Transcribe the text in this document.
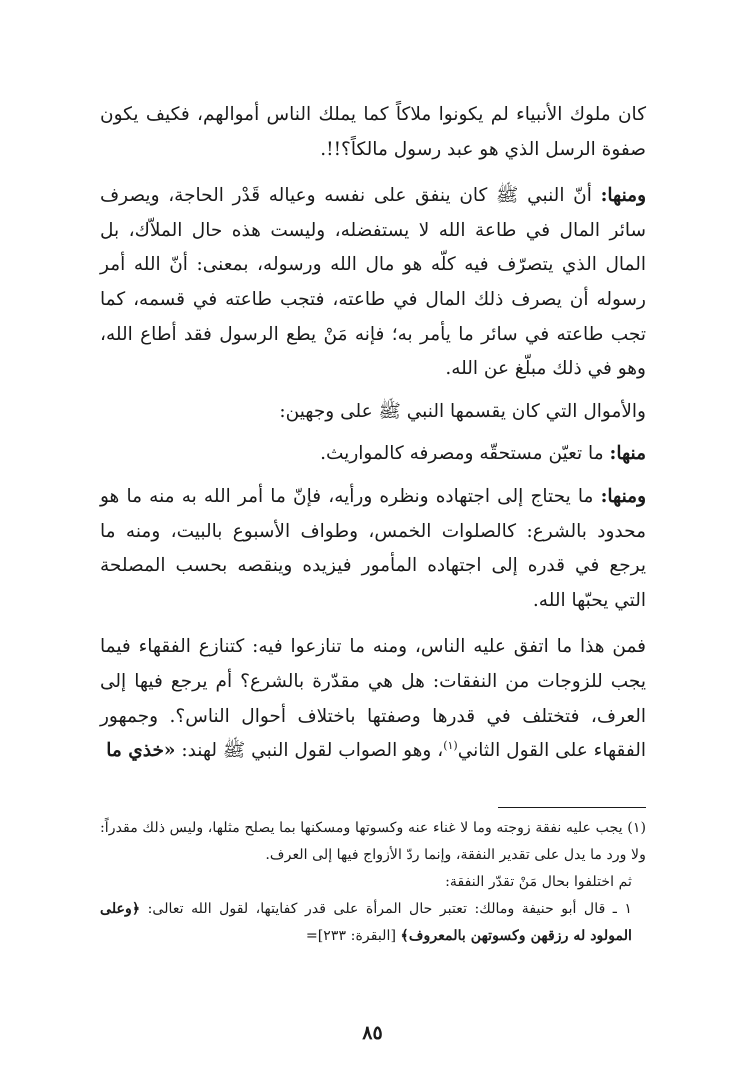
كان ملوك الأنبياء لم يكونوا ملاكاً كما يملك الناس أموالهم، فكيف يكون صفوة الرسل الذي هو عبد رسول مالكاً؟!!.

ومنها: أنّ النبي ﷺ كان ينفق على نفسه وعياله قَدْر الحاجة، ويصرف سائر المال في طاعة الله لا يستفضله، وليست هذه حال الملاّك، بل المال الذي يتصرّف فيه كلّه هو مال الله ورسوله، بمعنى: أنّ الله أمر رسوله أن يصرف ذلك المال في طاعته، فتجب طاعته في قسمه، كما تجب طاعته في سائر ما يأمر به؛ فإنه مَنْ يطع الرسول فقد أطاع الله، وهو في ذلك مبلّغ عن الله.

والأموال التي كان يقسمها النبي ﷺ على وجهين:

منها: ما تعيّن مستحقّه ومصرفه كالمواريث.

ومنها: ما يحتاج إلى اجتهاده ونظره ورأيه، فإنّ ما أمر الله به منه ما هو محدود بالشرع: كالصلوات الخمس، وطواف الأسبوع بالبيت، ومنه ما يرجع في قدره إلى اجتهاده المأمور فيزيده وينقصه بحسب المصلحة التي يحبّها الله.

فمن هذا ما اتفق عليه الناس، ومنه ما تنازعوا فيه: كتنازع الفقهاء فيما يجب للزوجات من النفقات: هل هي مقدّرة بالشرع؟ أم يرجع فيها إلى العرف، فتختلف في قدرها وصفتها باختلاف أحوال الناس؟. وجمهور الفقهاء على القول الثاني$^{(١)}$، وهو الصواب لقول النبي ﷺ لهند: «خذي ما

(١) يجب عليه نفقة زوجته وما لا غناء عنه وكسوتها ومسكنها بما يصلح مثلها، وليس ذلك مقدراً: ولا ورد ما يدل على تقدير النفقة، وإنما ردّ الأزواج فيها إلى العرف.

ثم اختلفوا بحال مَنْ تقدّر النفقة:

١ ـ قال أبو حنيفة ومالك: تعتبر حال المرأة على قدر كفايتها، لقول الله تعالى: ﴿وعلى المولود له رزقهن وكسوتهن بالمعروف﴾ [البقرة: ٢٣٣]=

٨٥
